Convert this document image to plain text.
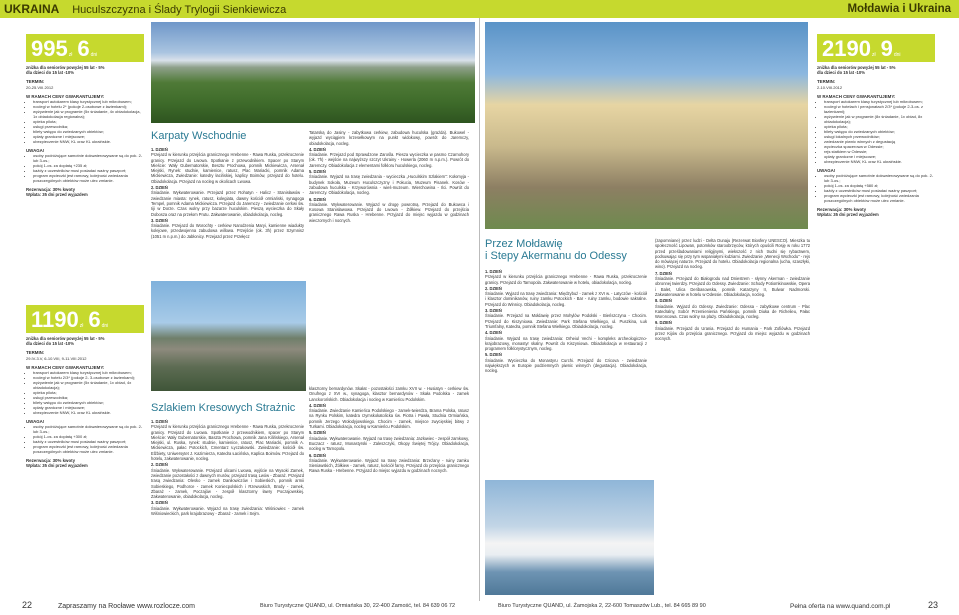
UKRAINA Huculszczyzna i Ślady Trylogii Sienkiewicza	Mołdawia i Ukraina
995 zł 6 dni
zniżka dla seniorów powyżej 55 lat - 5%
dla dzieci do 15 lat -10%
TERMIN:
20-25.VIII.2012
W RAMACH CENY GWARANTUJEMY:
• transport autokarem klasy turystycznej lub mikrobusem;
• noclegi w hotelu 2* (pokoje 2-osobowe z łazienkami);
• wyżywienie jak w programie (5x śniadanie, 4x obiadokolacja, 1x obiadokolacja regionalna);
• opieka pilota;
• usługi przewodnika;
• bilety wstępu do zwiedzanych obiektów;
• opłaty graniczne i miejscowe;
• ubezpieczenie NNW, KL oraz KL ukraińskie.
UWAGA!
• osoby podróżujące samotnie dokwaterowywane są do pok. 2- lub 3-os.;
• pokój 1-os. za dopłatą +235 zł;
• każdy z uczestników musi posiadać ważny paszport;
• program wycieczki jest ramowy, kolejność zwiedzania poszczególnych obiektów może ulec zmianie.
Rezerwacja: 30% kwoty
Wpłata: 35 dni przed wyjazdem
1190 zł 6 dni
zniżka dla seniorów powyżej 55 lat - 5%
dla dzieci do 15 lat -10%
TERMIN:
29.IV-3.V, 6-10.VIII, 9-11.VIII.2012
W RAMACH CENY GWARANTUJEMY:
• transport autokarem klasy turystycznej lub mikrobusem;
• noclegi w hotelu 2/3* (pokoje 2- 3-osobowe z łazienkami);
• wyżywienie jak w programie (5x śniadanie, 1x obiad, 4x obiadokolacja);
• opieka pilota;
• usługi przewodnika;
• bilety wstępu do zwiedzanych obiektów;
• opłaty graniczne i miejscowe;
• ubezpieczenie NNW, KL oraz KL ukraińskie.
UWAGA!
• osoby podróżujące samotnie dokwaterowywane są do pok. 2- lub 3-os.;
• pokój 1-os. za dopłatą +300 zł;
• każdy z uczestników musi posiadać ważny paszport;
• program wycieczki jest ramowy, kolejność zwiedzania poszczególnych obiektów może ulec zmianie.
Rezerwacja: 30% kwoty
Wpłata: 35 dni przed wyjazdem
2190 zł 9 dni
zniżka dla seniorów powyżej 55 lat - 5%
dla dzieci do 15 lat -10%
TERMIN:
2-10.VIII.2012
W RAMACH CENY GWARANTUJEMY:
• transport autokarem klasy turystycznej lub mikrobusem;
• noclegi w hotelach i pensjonatach 2/3* (pokoje 2-3-os. z łazienkami);
• wyżywienie jak w programie (8x śniadanie, 1x obiad, 8x obiadokolacja);
• opieka pilota;
• bilety wstępu do zwiedzanych obiektów;
• usługi lokalnych przewodników;
• zwiedzanie piwnic winnych z degustacją
• wycieczka spacerowa w Odessie;
• rejs statkiem w Odessie;
• opłaty graniczne i miejscowe;
• ubezpieczenie NNW, KL oraz KL ukraińskie.
UWAGA!
• osoby podróżujące samotnie dokwaterowywane są do pok. 2- lub 3-os.;
• pokój 1-os. za dopłatą +580 zł;
• każdy z uczestników musi posiadać ważny paszport;
• program wycieczki jest ramowy, kolejność zwiedzania poszczególnych obiektów może ulec zmianie.
Rezerwacja: 30% kwoty
Wpłata: 35 dni przed wyjazdem
Karpaty Wschodnie
1. DZIEŃ
Przejazd w kierunku przejścia granicznego Hrebenne - Rawa Ruska, przekroczenie granicy. Przejazd do Lwowa. Spotkanie z przewodnikiem. Spacer po Starym Mieście: Wały Gubernatorskie, Besztu Prochowa, pomnik Mickiewicza, Arsenał Miejski, Rynek: studnie, kamienice, ratusz, Plac Mariacki, pomnik Adama Mickiewicza, Zwiedzanie: katedry łacińskiej, kaplicy Boimów, przejazd do hotelu. Obiadokolacja. Przejazd na nocleg w okolicach Lwowa.
2. DZIEŃ
Śniadanie. Wykwaterowanie. Przejazd przez Rohatyn - Halicz - Stanisławów - zwiedzanie miasta: rynek, ratusz, kolegiata, dawny kościół ormiański, synagoga Tempel, pomnik Adama Mickiewicza. Przejazd do Jaremczy - zwiedzanie cerkwi św. Iiji w Dorze. Czas wolny przy bazarze huculskim. Pieszą wycieczka do Skały Dobosza oraz na przełom Prutu. Zakwaterowanie, obiadokolacja, nocleg.
3. DZIEŃ
Śniadanie. Przejazd do Worochty - cerkiew Narodzenia Maryi, kamienne wiadukty kolejowe, przedwojenna zabudowa willowa. Przejście (ok. 3h) przez Szymnisz (1051 m n.p.m.) do Jabłonicy. Przejazd przez Przełęcz
Tatarską do Jasiny - zabytkowa cerkiew, zabudowa huculska (grażda). Bukowel - wyjazd wyciągiem krzesełkowym na punkt widokowy, powrót do Jaremczy, obiadokolacja, nocleg.
4. DZIEŃ
Śniadanie. Przejazd pod Sprawdzone Zarośla. Piesza wycieczka w pasmo Czarnohory (ok. 7h) - wejście na najwyższy szczyt Ukrainy - Howerla (2060 m n.p.m.). Powrót do Jaremczy. Obiadokolacja z elementami folkloru huculskiego, nocleg.
5. DZIEŃ
Śniadanie. Wyjazd na trasę zwiedzania - wycieczka „Huculskim Szlakiem": Kołomyja - budynek Sokoła, Muzeum Huculszczyzny i Pokucia, Muzeum Pisanek. Kosów - zabudowa huculska - Krzyworównia - wieś-muzeum. Wierchowina - Ilci. Powrót do Jaremczy. Obiadokolacja, nocleg.
6. DZIEŃ
Śniadanie. Wykwaterowanie. Wyjazd w drogę powrotną. Przejazd do Bukowca i Kosowa Stanisławowa. Przejazd do Lwowa - Żółkiew. Przejazd do przejścia granicznego Rawa Ruska - Hrebenne. Przyjazd do miejsc wyjazdu w godzinach wieczornych i nocnych.
Szlakiem Kresowych Strażnic
1. DZIEŃ
Przejazd w kierunku przejścia granicznego Hrebenne - Rawa Ruska, przekroczenie granicy. Przejazd do Lwowa. Spotkanie z przewodnikiem, spacer po Starym Mieście: Wały Gubernatorskie, Baszta Prochowa, pomnik Jana Kilińskiego, Arsenał Miejski, ul. Ruska, rynek: studnie, kamienice, ratusz, Plac Mariacki, pomnik A. Mickiewicza, pałac Potockich, Cmentarz Łyczakowski. Zwiedzanie: kościół św. Elżbiety, Uniwersytet J. Kazimierza, Katedra Łacińska, Kaplica Boimów. Przejazd do hotelu, zakwaterowanie, nocleg.
2. DZIEŃ
Śniadanie. Wykwaterowanie. Przejazd ulicami Lwowa, wyjście na Wysoki Zamek, zwiedzanie pozostałości z dawnych murów, przejazd trasą Lwów - Zbaraż. Przejazd trasą zwiedzania: Olesko - zamek Daniłowiczów i Sobieskich, pomnik armii Sobieskiego, Podhorce - zamek Koniecpolskich i Rzewuskich, Brody - zamek, Zbaraż - zamek, Poczajów - zespół klasztorny ławry Poczajowskiej. Zakwaterowanie, obiadokolacja, nocleg.
3. DZIEŃ
Śniadanie. Wykwaterowanie. Wyjazd na trasę zwiedzania: Wiśniowiec - zamek Wiśniowieckich, park krajobrazowy - Zbaraż - zamek i Sejm.
klasztorny bernardynów. Skałat - pozostałości zamku XVII w. - Husiatyn - cerkiew św. Onufrego z XVI w., synagoga, klasztor bernardynów - Skała Podolska - zamek Lanckorońskich. Obiadokolacja i nocleg w Kamieńcu Podolskim.
4. DZIEŃ
Śniadanie. Zwiedzanie Kamieńca Podolskiego - zamek-twierdza, Brama Polska, ratusz na Rynku Polskim, katedra rzymskokatolicka św. Piotra i Pawła, Studnia Ormiańska, pomnik Jerzego Wołodyjowskiego. Chocim - zamek, miejsce zwycięskiej bitwy z Turkami. Obiadokolacja, nocleg w Kamieńcu Podolskim.
5. DZIEŃ
Śniadanie. Wykwaterowanie. Wyjazd na trasę zwiedzania: Jazłowiec - zespół zamkowy, Buczacz - ratusz, Monastyrski - Zaleszczyki, Okopy Świętej Trójcy. Obiadokolacja, nocleg w Tarnopolu.
6. DZIEŃ
Śniadanie. Wykwaterowanie. Wyjazd na trasę zwiedzania: Brzeżany - ruiny zamku Sieniawskich, Żółkiew - zamek, ratusz, kościół farny. Przejazd do przejścia granicznego Rawa Ruska - Hrebenne. Przyjazd do miejsc wyjazdu w godzinach nocnych.
Przez Mołdawię
i Stepy Akermanu do Odessy
1. DZIEŃ
Przejazd w kierunku przejścia granicznego Hrebenne - Rawa Ruska, przekroczenie granicy. Przejazd do Tarnopola. Zakwaterowanie w hotelu, obiadokolacja, nocleg.
2. DZIEŃ
Śniadanie. Wyjazd na trasę zwiedzania: Międzybuż - zamek z XVI w. - Latyczów - kościół i klasztor dominikanów, ruiny zamku Potockich - Bar - ruiny zamku, bodowie sakralne. Przejazd do Winnicy. Obiadokolacja, nocleg.
3. DZIEŃ
Śniadanie. Przejazd na Mołdawię przez Mohylów Podolski - Bieńszczyna - Chocim. Przejazd do Kiszyniowa. Zwiedzanie: Park Stefana Wielkiego, ul. Puszkina, Łuk Triumfalny, Katedra, pomnik Stefana Wielkiego. Obiadokolacja, nocleg.
4. DZIEŃ
Śniadanie. Wyjazd na trasę zwiedzania: Orheiul Vechi - kompleks archeologiczno-krajobrazowy, monastyr skalny. Powrót do Kiszyniowa. Obiadokolacja w restauracji z programem folklorystycznym, nocleg.
5. DZIEŃ
Śniadanie. Wycieczka do Monastyru Curchi. Przejazd do Cricova - zwiedzanie największych w Europie podziemnych piwnic winnych (degustacja). Obiadokolacja, nocleg.
(zapomniane) przez ludzi - Delta Dunaju (Rezerwat Biosfery UNESCO). Mieszka tu społeczność Lipowan, potomków staroobrzęców, których opuścili Rosję w roku 1772 przed prześladowaniami religijnymi, wiekszość z nich trudni się rybactwem, podsuwając się przy tym wspaniałymi łodziami. Zwiedzanie „Wenecji Wschodu" - rejs do mówiącej naturze. Przejazd do hotelu. Obiadokolacja regionalna (ucha, szaszłyki, wino). Przejazd na nocleg.
7. DZIEŃ
Śniadanie. Przejazd do Białogrodu nad Dniestrem - słynny Akerman - zwiedzanie obronnej twierdzy. Przejazd do Odessy. Zwiedzanie: Schody Potiomkinowskie, Opera i Balet, Ulica Deribasowska, pomnik Katarzyny II, Bulwar Nadmorski. Zakwaterowanie w hotelu w Odessie. Obiadokolacja, nocleg.
8. DZIEŃ
Śniadanie. Wyjazd do Odessy. Zwiedzanie: Odessa - zabytkowe centrum - Plac Katedralny, Sobór Przemienienia Pańskiego, pomnik Diuka de Richelieu, Pałac Woroncowa. Czas wolny na plaży. Obiadokolacja, nocleg.
9. DZIEŃ
Śniadanie. Przejazd do Urania. Przejazd do Humania - Park Zofiówka. Przejazd przez Kijów do przejścia granicznego. Przyjazd do miejsc wyjazdu w godzinach nocnych.
22	Zapraszamy na Rocławe www.rozlocze.com	Biuro Turystyczne QUAND, ul. Ormiańska 30, 22-400 Zamość, tel. 84 639 06 72	Biuro Turystyczne QUAND, ul. Żamojska 2, 22-600 Tomaszów Lub., tel. 84 665 89 90	Pełna oferta na www.quand.com.pl	23
